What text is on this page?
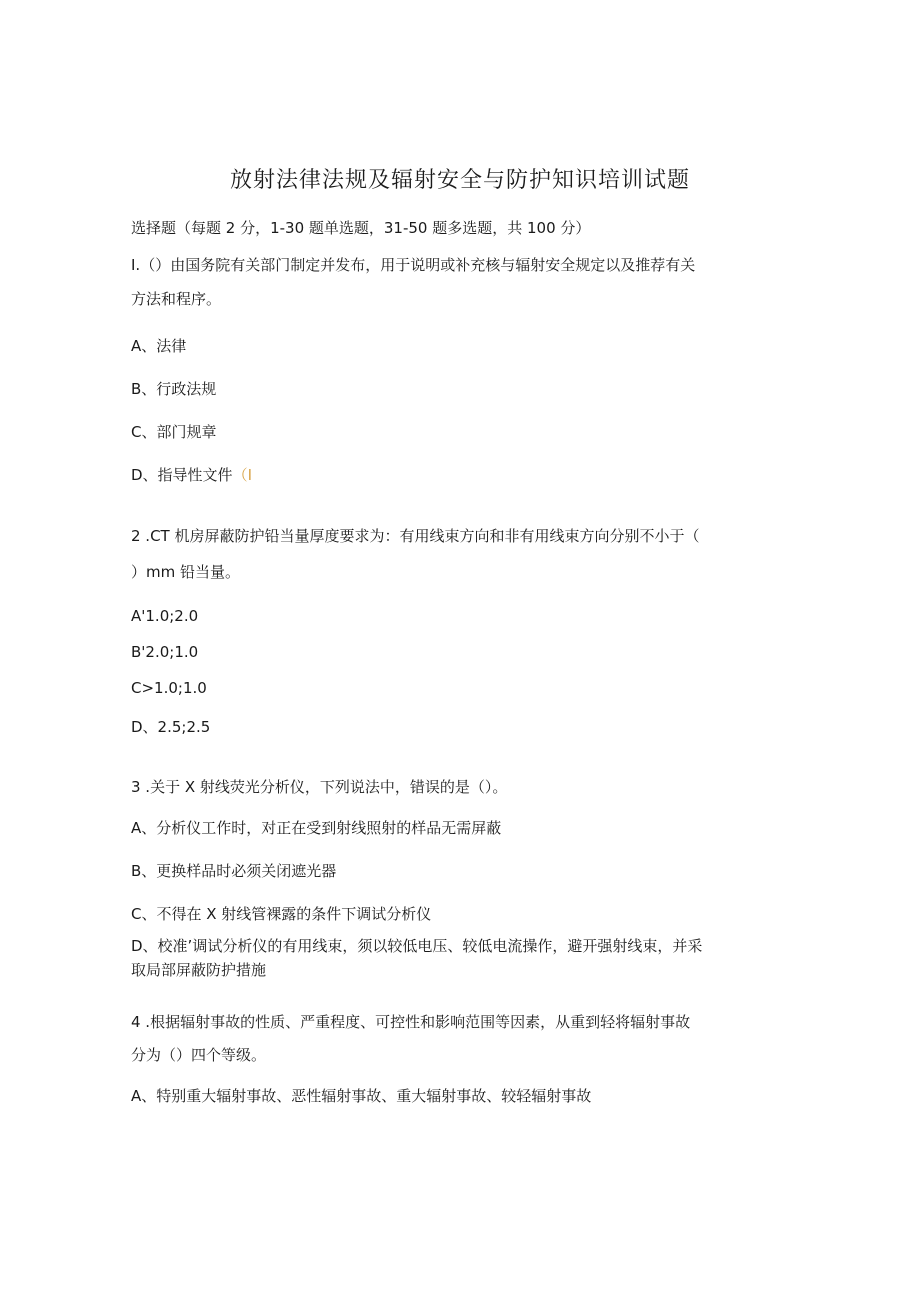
放射法律法规及辐射安全与防护知识培训试题
选择题（每题 2 分，1-30 题单选题，31-50 题多选题，共 100 分）
I.（）由国务院有关部门制定并发布，用于说明或补充核与辐射安全规定以及推荐有关
方法和程序。
A、法律
B、行政法规
C、部门规章
D、指导性文件（I
2 .CT 机房屏蔽防护铅当量厚度要求为：有用线束方向和非有用线束方向分别不小于（
）mm 铅当量。
A'1.0;2.0
B'2.0;1.0
C>1.0;1.0
D、2.5;2.5
3 .关于 X 射线荧光分析仪，下列说法中，错误的是（）。
A、分析仪工作时，对正在受到射线照射的样品无需屏蔽
B、更换样品时必须关闭遮光器
C、不得在 X 射线管裸露的条件下调试分析仪
D、校准’调试分析仪的有用线束，须以较低电压、较低电流操作，避开强射线束，并采
取局部屏蔽防护措施
4 .根据辐射事故的性质、严重程度、可控性和影响范围等因素，从重到轻将辐射事故
分为（）四个等级。
A、特别重大辐射事故、恶性辐射事故、重大辐射事故、较轻辐射事故
